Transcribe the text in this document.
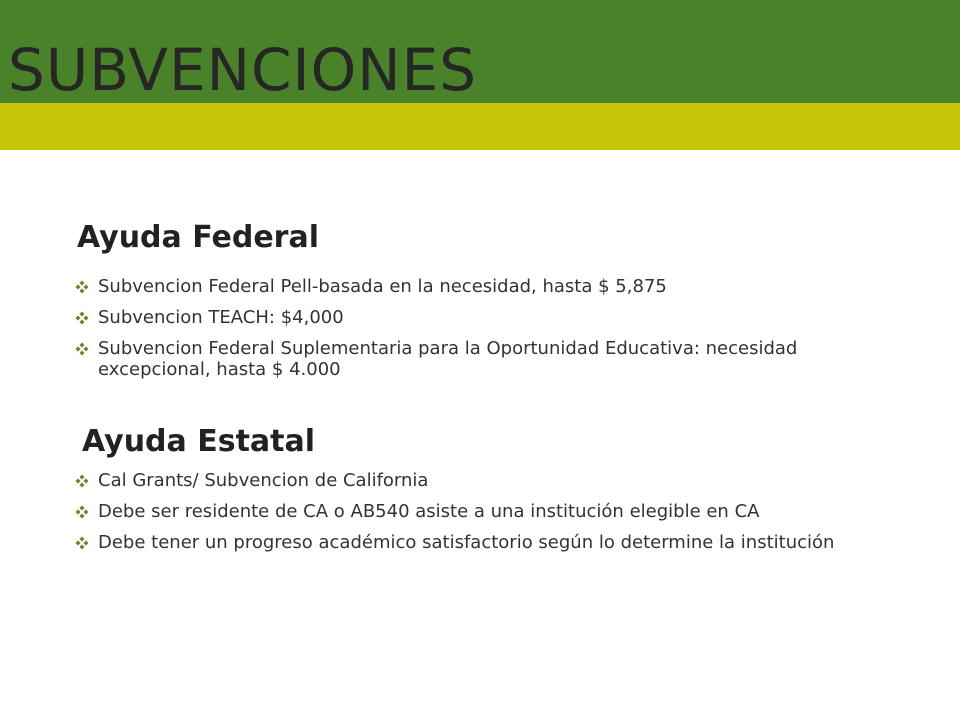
SUBVENCIONES
Ayuda Federal
Subvencion Federal Pell-basada en la necesidad, hasta $ 5,875
Subvencion TEACH: $4,000
Subvencion Federal Suplementaria para la Oportunidad Educativa: necesidad excepcional, hasta $ 4.000
Ayuda Estatal
Cal Grants/ Subvencion de California
Debe ser residente de CA o AB540 asiste a una institución elegible en CA
Debe tener un progreso académico satisfactorio según lo determine la institución
